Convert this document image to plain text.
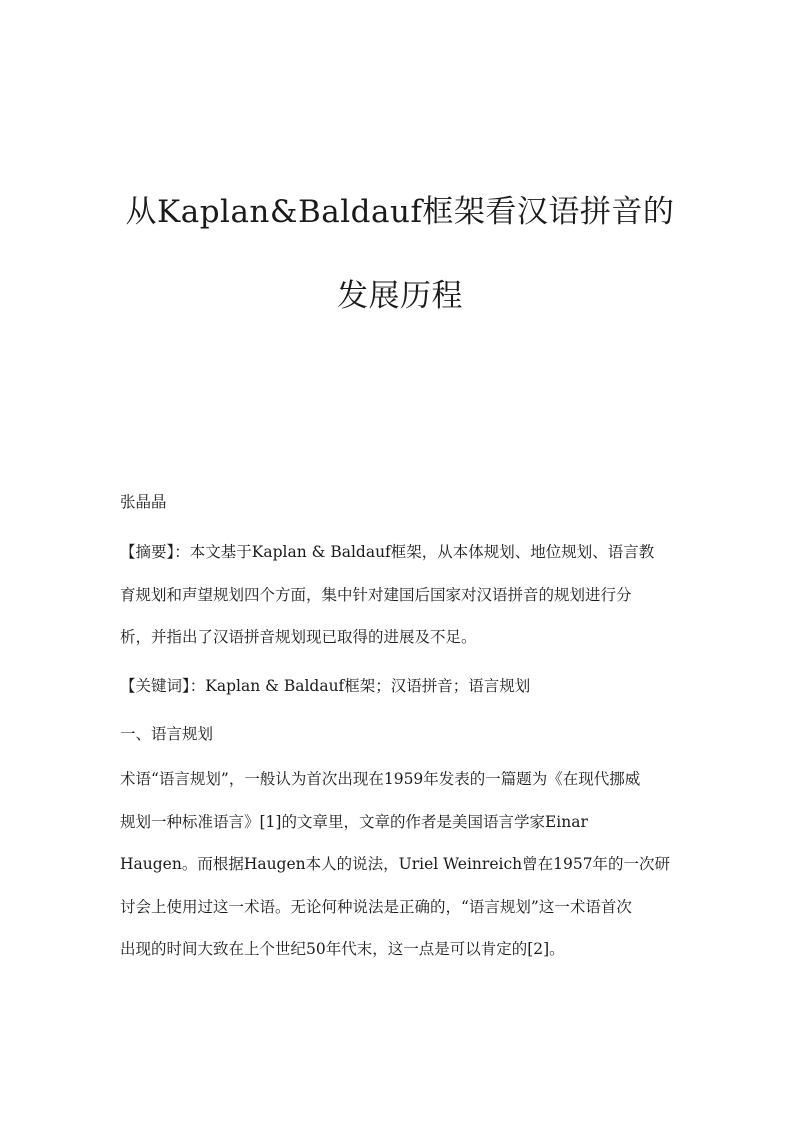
从Kaplan&Baldauf框架看汉语拼音的
发展历程

张晶晶

【摘要】：本文基于Kaplan & Baldauf框架，从本体规划、地位规划、语言教
育规划和声望规划四个方面，集中针对建国后国家对汉语拼音的规划进行分
析，并指出了汉语拼音规划现已取得的进展及不足。

【关键词】：Kaplan & Baldauf框架；汉语拼音；语言规划

一、语言规划

术语“语言规划”，一般认为首次出现在1959年发表的一篇题为《在现代挪威
规划一种标准语言》[1]的文章里，文章的作者是美国语言学家Einar
Haugen。而根据Haugen本人的说法，Uriel Weinreich曾在1957年的一次研
讨会上使用过这一术语。无论何种说法是正确的，“语言规划”这一术语首次
出现的时间大致在上个世纪50年代末，这一点是可以肯定的[2]。
